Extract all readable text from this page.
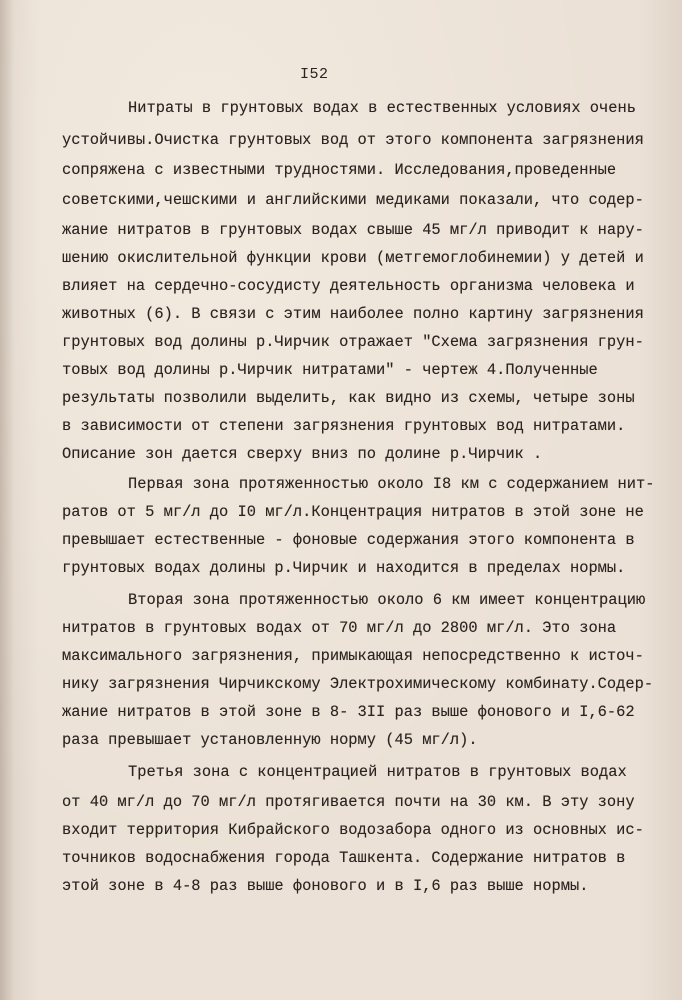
I52
Нитраты в грунтовых водах в естественных условиях очень
устойчивы.Очистка грунтовых вод от этого компонента загрязнения
сопряжена с известными трудностями. Исследования,проведенные
советскими,чешскими и английскими медиками показали, что содер-
жание нитратов в грунтовых водах свыше 45 мг/л приводит к нару-
шению окислительной функции крови (метгемоглобинемии) у детей и
влияет на сердечно-сосудисту деятельность организма человека и
животных (6). В связи с этим наиболее полно картину загрязнения
грунтовых вод долины р.Чирчик отражает "Схема загрязнения грун-
товых вод долины р.Чирчик нитратами" - чертеж 4.Полученные
результаты позволили выделить, как видно из схемы, четыре зоны
в зависимости от степени загрязнения грунтовых вод нитратами.
Описание зон дается сверху вниз по долине р.Чирчик .
Первая зона протяженностью около I8 км с содержанием нит-
ратов от 5 мг/л до I0 мг/л.Концентрация нитратов в этой зоне не
превышает естественные - фоновые содержания этого компонента в
грунтовых водах долины р.Чирчик и находится в пределах нормы.
Вторая зона протяженностью около 6 км имеет концентрацию
нитратов в грунтовых водах от 70 мг/л до 2800 мг/л. Это зона
максимального загрязнения, примыкающая непосредственно к источ-
нику загрязнения Чирчикскому Электрохимическому комбинату.Содер-
жание нитратов в этой зоне в 8- 3II раз выше фонового и I,6-62
раза превышает установленную норму (45 мг/л).
Третья зона с концентрацией нитратов в грунтовых водах
от 40 мг/л до 70 мг/л протягивается почти на 30 км. В эту зону
входит территория Кибрайского водозабора одного из основных ис-
точников водоснабжения города Ташкента. Содержание нитратов в
этой зоне в 4-8 раз выше фонового и в I,6 раз выше нормы.
